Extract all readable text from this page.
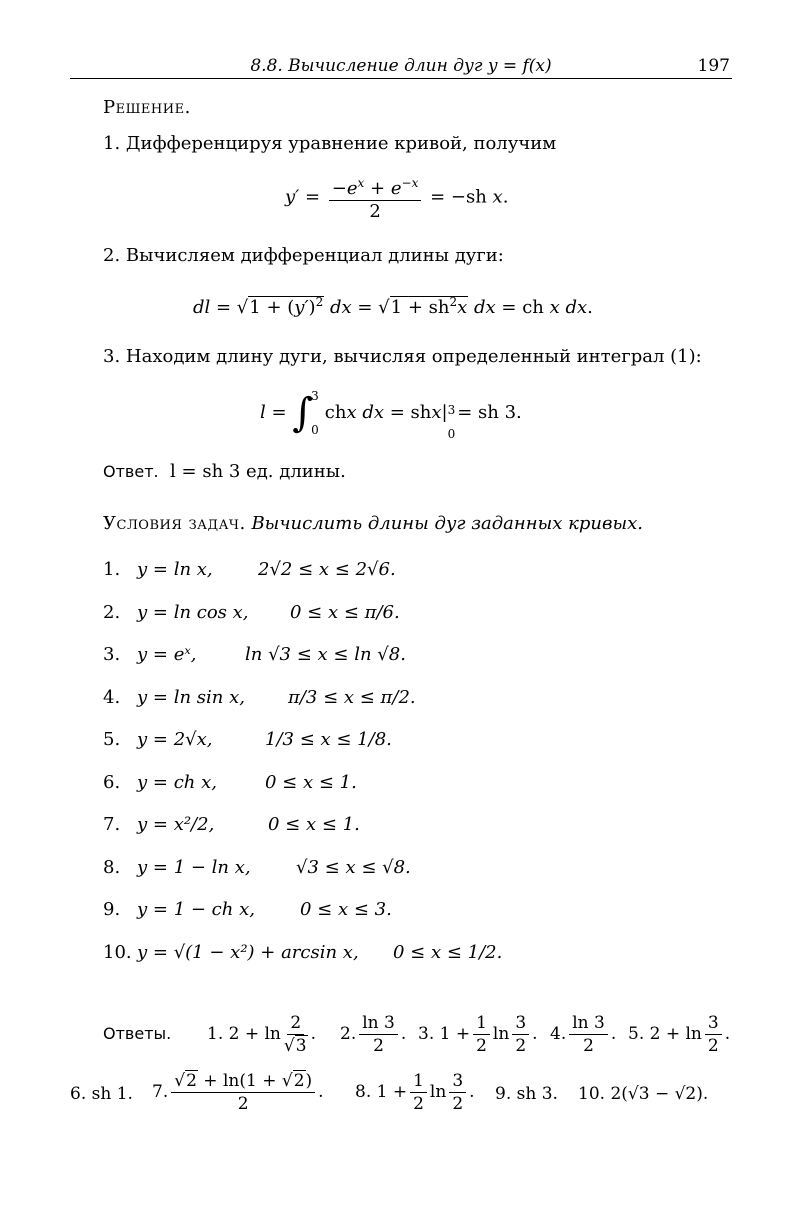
8.8. Вычисление длин дуг y = f(x)	197
Решение.
1. Дифференцируя уравнение кривой, получим
$y' = \frac{-e^x + e^{-x}}{2} = -sh$ x.
2. Вычисляем дифференциал длины дуги:
dl = $√1 + (y')^2$ dx = $√1 + sh^2x$ dx = ch x dx.
3. Находим длину дуги, вычисляя определенный интеграл (1):
l = ∫
3
0
ch x dx = sh x | 3
0
= sh 3.
Ответ. l = sh 3 ед. длины.
Условия задач. Вычислить длины дуг заданных кривых.
1. y = ln x,	2√2 ≤ x ≤ 2√6.
2. y = ln cos x, 0 ≤ x ≤ π/6.
3. y = eˣ,	ln √3 ≤ x ≤ ln √8.
4. y = ln sin x, π/3 ≤ x ≤ π/2.
5. y = 2√x,	1/3 ≤ x ≤ 1/8.
6. y = ch x,	0 ≤ x ≤ 1.
7. y = x²/2,	0 ≤ x ≤ 1.
8. y = 1 − ln x,	√3 ≤ x ≤ √8.
9. y = 1 − ch x,	0 ≤ x ≤ 3.
10. y = √(1 − x²) + arcsin x, 0 ≤ x ≤ 1/2.
Ответы. 1. $2 + \ln \frac{2}{√3}$ . 2. $\frac{\ln 3}{2}$ . 3. $1 + \frac{1}{2}$ $\ln \frac{3}{2}$ . 4. $\frac{\ln 3}{2}$ . 5. $2 + \ln \frac{3}{2}$ .
6. sh 1. 7. $\frac{√2 + \ln(1 + √2)}{2}$ . 8. $1 + \frac{1}{2}$ $\ln \frac{3}{2}$ . 9. sh 3. 10. 2(√3 − √2).
